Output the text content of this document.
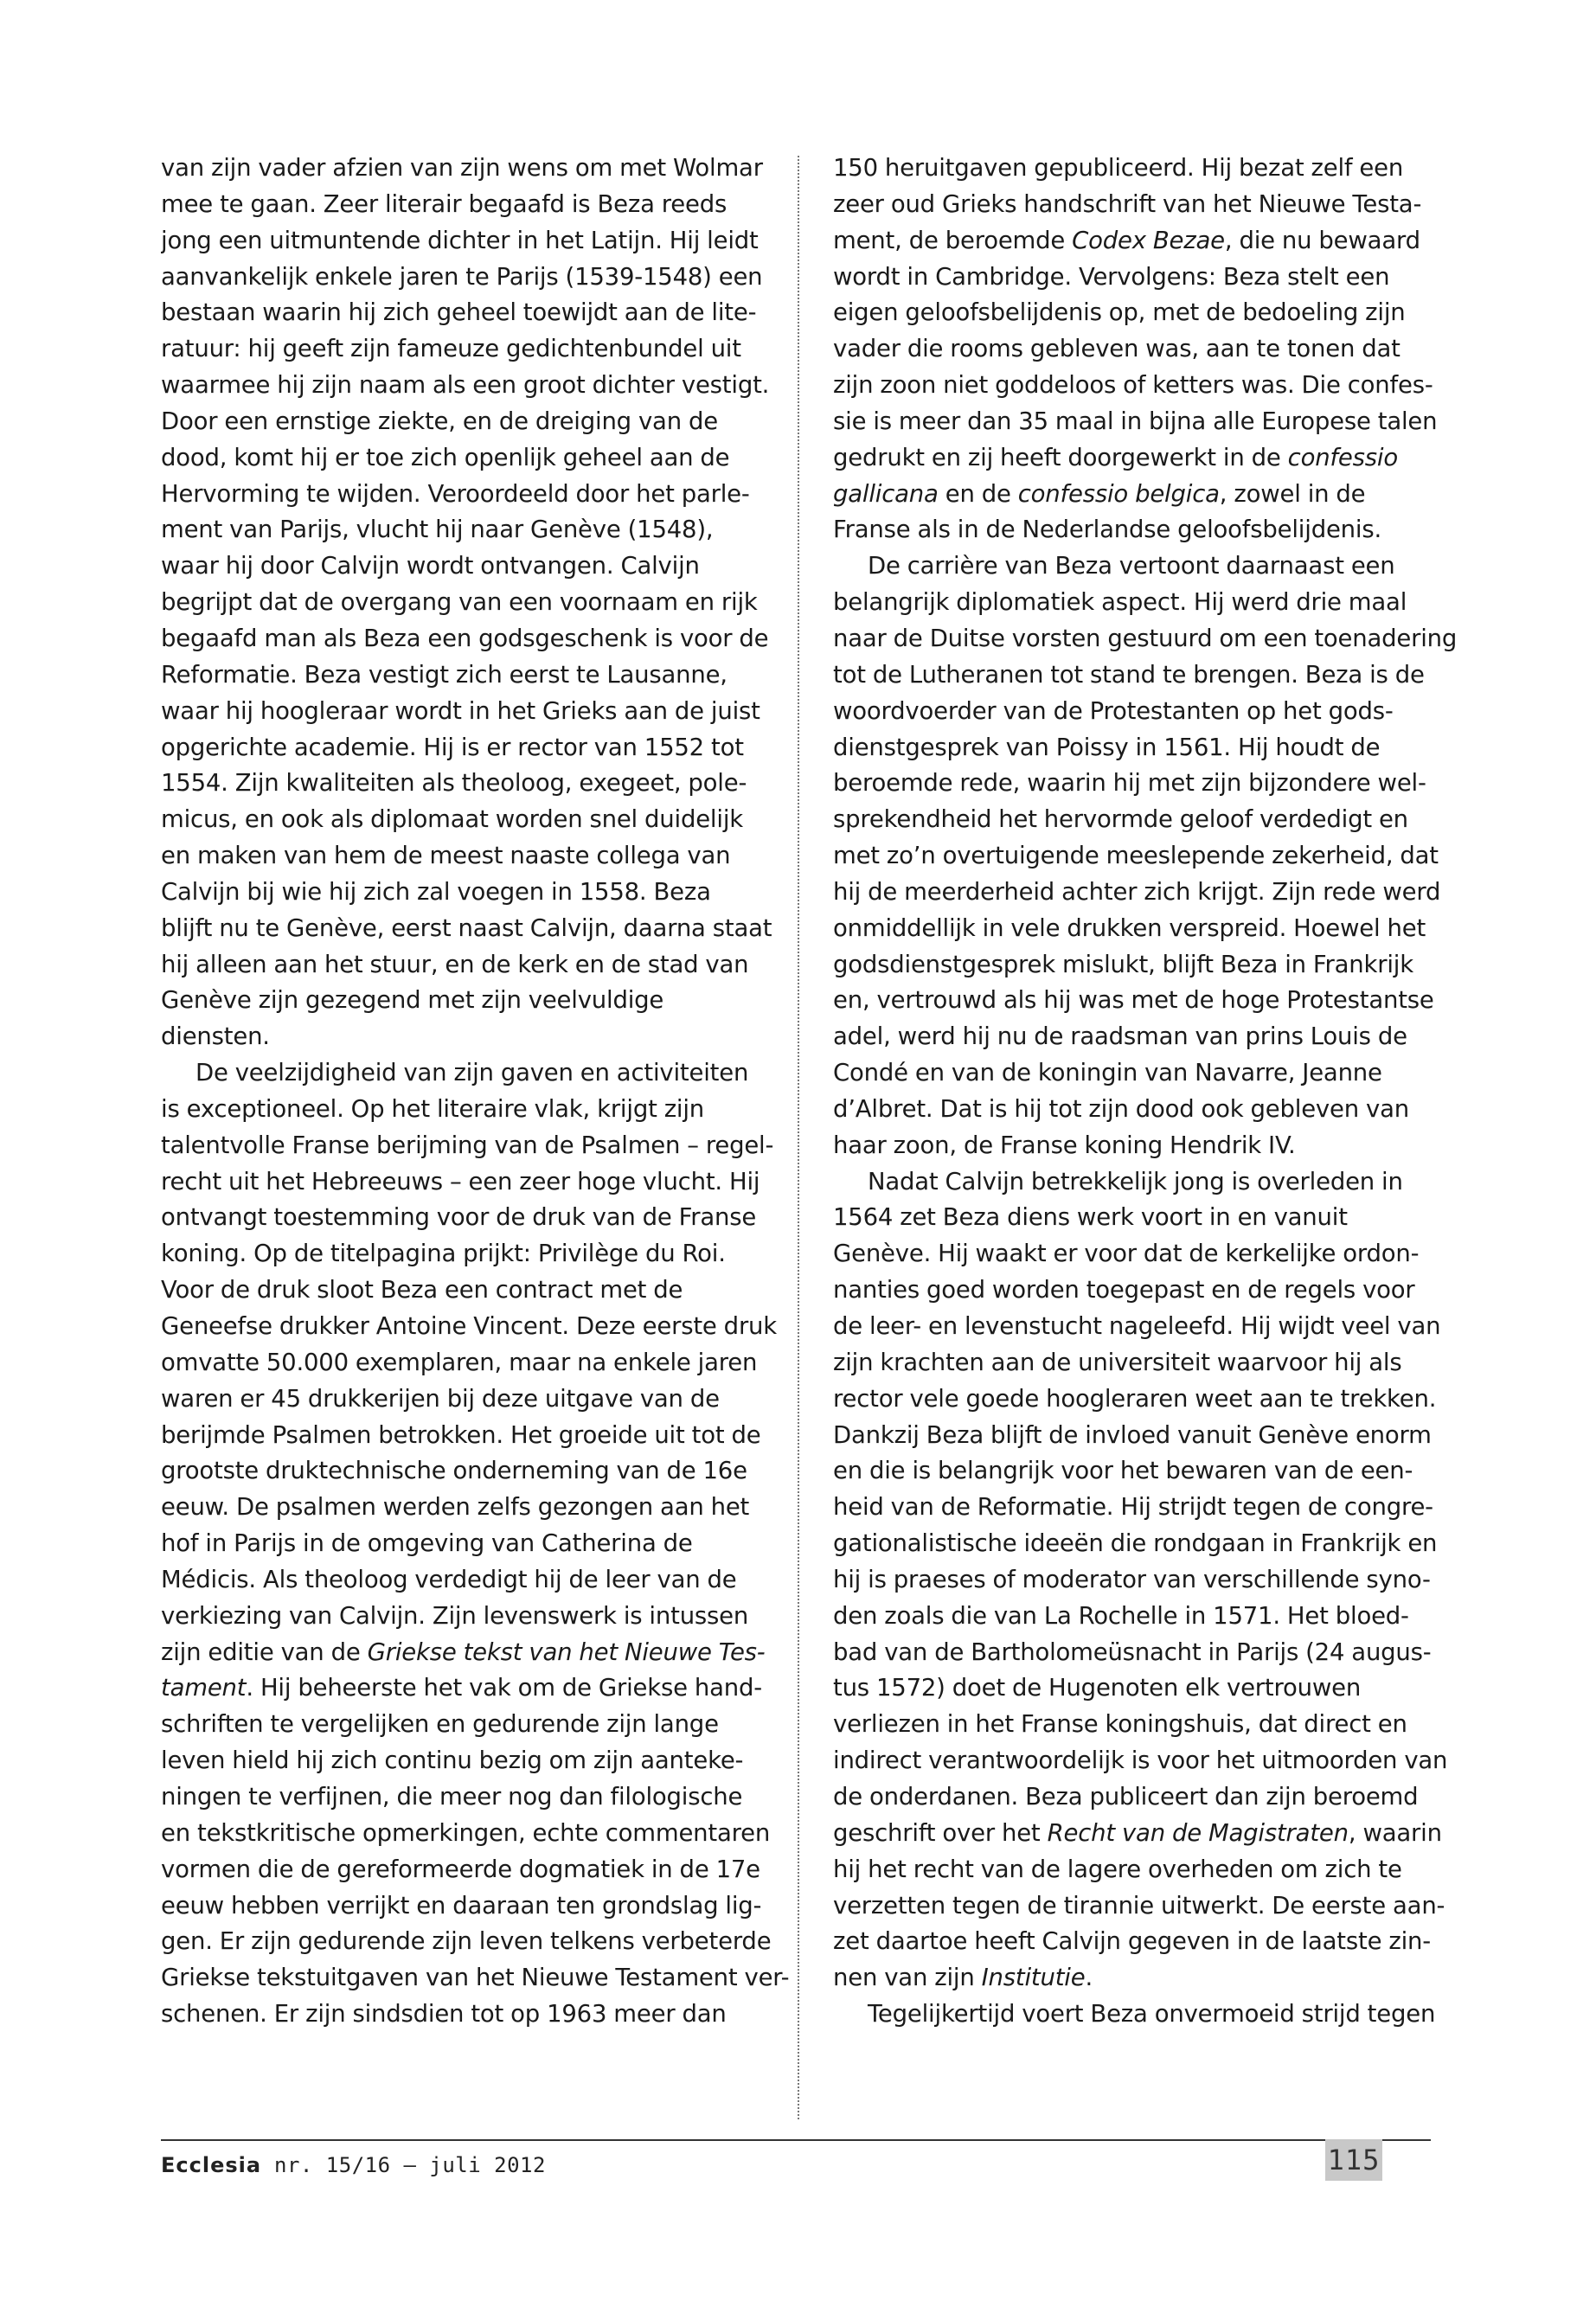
van zijn vader afzien van zijn wens om met Wolmar
mee te gaan. Zeer literair begaafd is Beza reeds
jong een uitmuntende dichter in het Latijn. Hij leidt
aanvankelijk enkele jaren te Parijs (1539-1548) een
bestaan waarin hij zich geheel toewijdt aan de lite-
ratuur: hij geeft zijn fameuze gedichtenbundel uit
waarmee hij zijn naam als een groot dichter vestigt.
Door een ernstige ziekte, en de dreiging van de
dood, komt hij er toe zich openlijk geheel aan de
Hervorming te wijden. Veroordeeld door het parle-
ment van Parijs, vlucht hij naar Genève (1548),
waar hij door Calvijn wordt ontvangen. Calvijn
begrijpt dat de overgang van een voornaam en rijk
begaafd man als Beza een godsgeschenk is voor de
Reformatie. Beza vestigt zich eerst te Lausanne,
waar hij hoogleraar wordt in het Grieks aan de juist
opgerichte academie. Hij is er rector van 1552 tot
1554. Zijn kwaliteiten als theoloog, exegeet, pole-
micus, en ook als diplomaat worden snel duidelijk
en maken van hem de meest naaste collega van
Calvijn bij wie hij zich zal voegen in 1558. Beza
blijft nu te Genève, eerst naast Calvijn, daarna staat
hij alleen aan het stuur, en de kerk en de stad van
Genève zijn gezegend met zijn veelvuldige
diensten.

De veelzijdigheid van zijn gaven en activiteiten
is exceptioneel. Op het literaire vlak, krijgt zijn
talentvolle Franse berijming van de Psalmen – regel-
recht uit het Hebreeuws – een zeer hoge vlucht. Hij
ontvangt toestemming voor de druk van de Franse
koning. Op de titelpagina prijkt: Privilège du Roi.
Voor de druk sloot Beza een contract met de
Geneefse drukker Antoine Vincent. Deze eerste druk
omvatte 50.000 exemplaren, maar na enkele jaren
waren er 45 drukkerijen bij deze uitgave van de
berijmde Psalmen betrokken. Het groeide uit tot de
grootste druktechnische onderneming van de 16e
eeuw. De psalmen werden zelfs gezongen aan het
hof in Parijs in de omgeving van Catherina de
Médicis. Als theoloog verdedigt hij de leer van de
verkiezing van Calvijn. Zijn levenswerk is intussen
zijn editie van de Griekse tekst van het Nieuwe Tes-
tament. Hij beheerste het vak om de Griekse hand-
schriften te vergelijken en gedurende zijn lange
leven hield hij zich continu bezig om zijn aanteke-
ningen te verfijnen, die meer nog dan filologische
en tekstkritische opmerkingen, echte commentaren
vormen die de gereformeerde dogmatiek in de 17e
eeuw hebben verrijkt en daaraan ten grondslag lig-
gen. Er zijn gedurende zijn leven telkens verbeterde
Griekse tekstuitgaven van het Nieuwe Testament ver-
schenen. Er zijn sindsdien tot op 1963 meer dan

150 heruitgaven gepubliceerd. Hij bezat zelf een
zeer oud Grieks handschrift van het Nieuwe Testa-
ment, de beroemde Codex Bezae, die nu bewaard
wordt in Cambridge. Vervolgens: Beza stelt een
eigen geloofsbelijdenis op, met de bedoeling zijn
vader die rooms gebleven was, aan te tonen dat
zijn zoon niet goddeloos of ketters was. Die confes-
sie is meer dan 35 maal in bijna alle Europese talen
gedrukt en zij heeft doorgewerkt in de confessio
gallicana en de confessio belgica, zowel in de
Franse als in de Nederlandse geloofsbelijdenis.

De carrière van Beza vertoont daarnaast een
belangrijk diplomatiek aspect. Hij werd drie maal
naar de Duitse vorsten gestuurd om een toenadering
tot de Lutheranen tot stand te brengen. Beza is de
woordvoerder van de Protestanten op het gods-
dienstgesprek van Poissy in 1561. Hij houdt de
beroemde rede, waarin hij met zijn bijzondere wel-
sprekendheid het hervormde geloof verdedigt en
met zo’n overtuigende meeslepende zekerheid, dat
hij de meerderheid achter zich krijgt. Zijn rede werd
onmiddellijk in vele drukken verspreid. Hoewel het
godsdienstgesprek mislukt, blijft Beza in Frankrijk
en, vertrouwd als hij was met de hoge Protestantse
adel, werd hij nu de raadsman van prins Louis de
Condé en van de koningin van Navarre, Jeanne
d’Albret. Dat is hij tot zijn dood ook gebleven van
haar zoon, de Franse koning Hendrik IV.

Nadat Calvijn betrekkelijk jong is overleden in
1564 zet Beza diens werk voort in en vanuit
Genève. Hij waakt er voor dat de kerkelijke ordon-
nanties goed worden toegepast en de regels voor
de leer- en levenstucht nageleefd. Hij wijdt veel van
zijn krachten aan de universiteit waarvoor hij als
rector vele goede hoogleraren weet aan te trekken.
Dankzij Beza blijft de invloed vanuit Genève enorm
en die is belangrijk voor het bewaren van de een-
heid van de Reformatie. Hij strijdt tegen de congre-
gationalistische ideeën die rondgaan in Frankrijk en
hij is praeses of moderator van verschillende syno-
den zoals die van La Rochelle in 1571. Het bloed-
bad van de Bartholomeüsnacht in Parijs (24 augus-
tus 1572) doet de Hugenoten elk vertrouwen
verliezen in het Franse koningshuis, dat direct en
indirect verantwoordelijk is voor het uitmoorden van
de onderdanen. Beza publiceert dan zijn beroemd
geschrift over het Recht van de Magistraten, waarin
hij het recht van de lagere overheden om zich te
verzetten tegen de tirannie uitwerkt. De eerste aan-
zet daartoe heeft Calvijn gegeven in de laatste zin-
nen van zijn Institutie.

Tegelijkertijd voert Beza onvermoeid strijd tegen

Ecclesia nr. 15/16 — juli 2012	115
